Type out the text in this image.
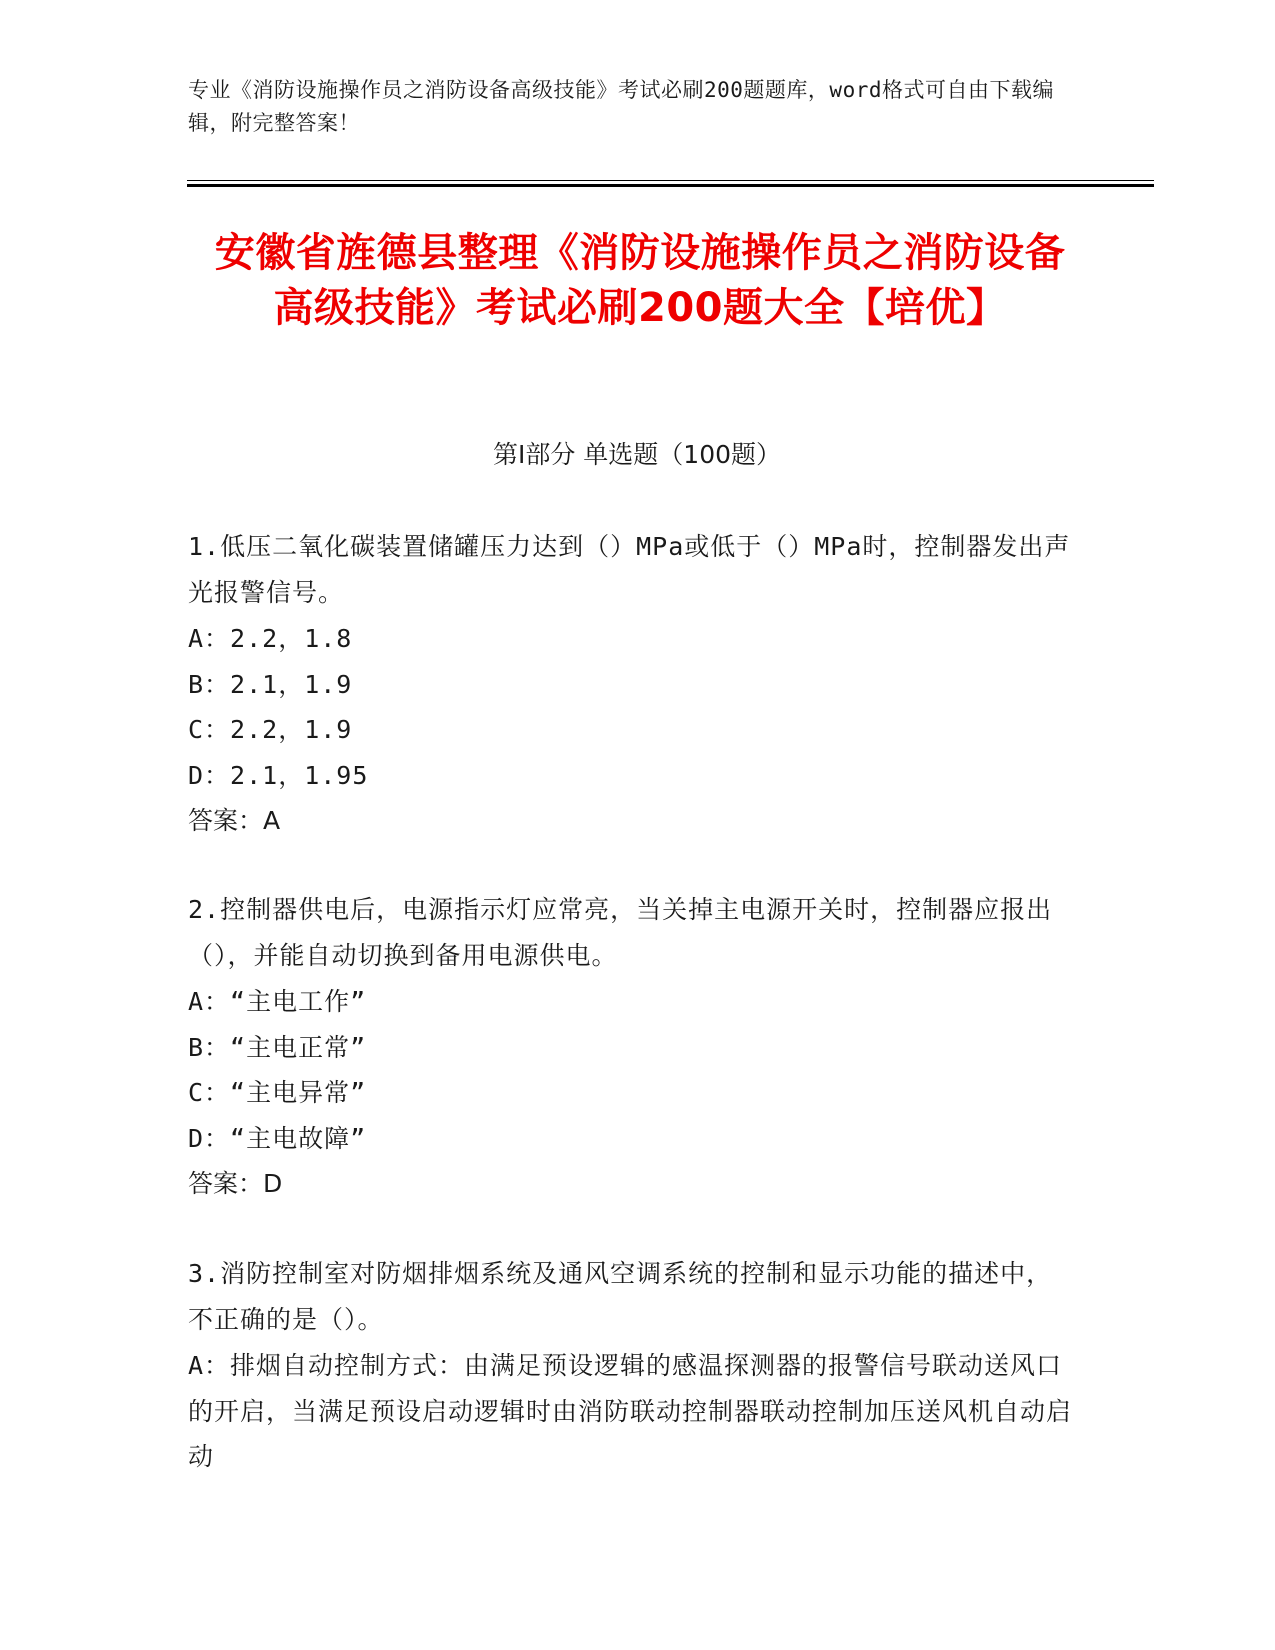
专业《消防设施操作员之消防设备高级技能》考试必刷200题题库，word格式可自由下载编辑，附完整答案！
安徽省旌德县整理《消防设施操作员之消防设备高级技能》考试必刷200题大全【培优】
第I部分 单选题（100题）
1.低压二氧化碳装置储罐压力达到（）MPa或低于（）MPa时，控制器发出声光报警信号。
A：2.2，1.8
B：2.1，1.9
C：2.2，1.9
D：2.1，1.95
答案：A
2.控制器供电后，电源指示灯应常亮，当关掉主电源开关时，控制器应报出（），并能自动切换到备用电源供电。
A：“主电工作”
B：“主电正常”
C：“主电异常”
D：“主电故障”
答案：D
3.消防控制室对防烟排烟系统及通风空调系统的控制和显示功能的描述中，不正确的是（）。
A：排烟自动控制方式：由满足预设逻辑的感温探测器的报警信号联动送风口的开启，当满足预设启动逻辑时由消防联动控制器联动控制加压送风机自动启动
